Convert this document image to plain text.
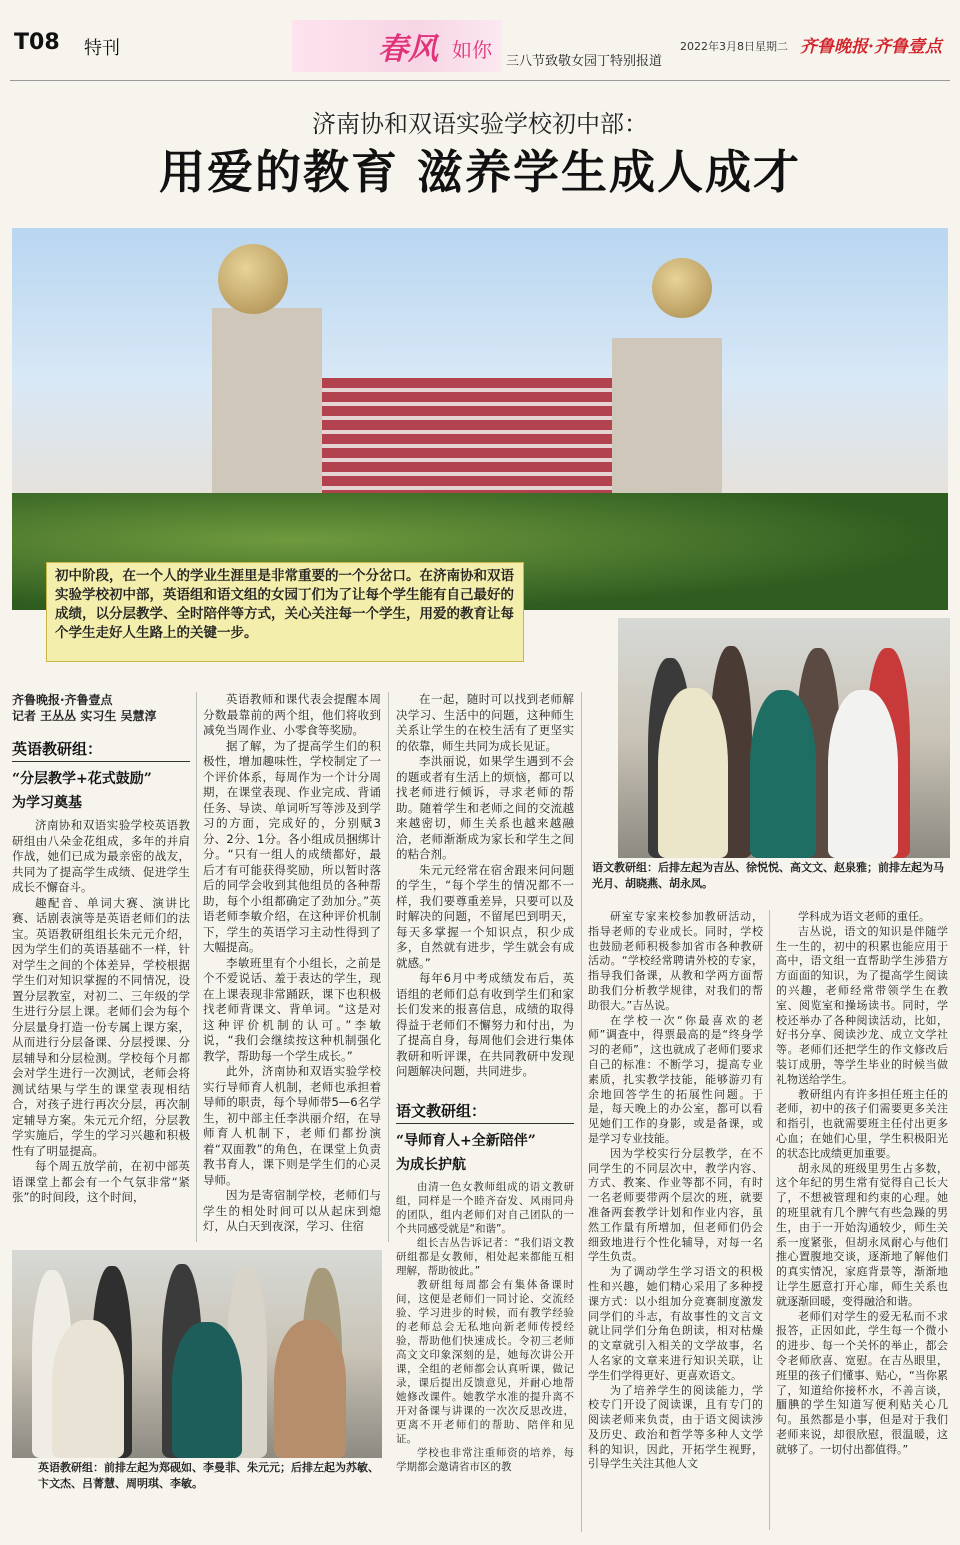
T08 特刊	春风 如你 三八节致敬女园丁特别报道
2022年3月8日 星期二 齐鲁晚报·齐鲁壹点
济南协和双语实验学校初中部：
用爱的教育 滋养学生成人成才
初中阶段，在一个人的学业生涯里是非常重要的一个分岔口。在济南协和双语实验学校初中部，英语组和语文组的女园丁们为了让每个学生能有自己最好的成绩，以分层教学、全时陪伴等方式，关心关注每一个学生，用爱的教育让每个学生走好人生路上的关键一步。
语文教研组：后排左起为吉丛、徐悦悦、高文文、赵泉雅；前排左起为马光月、胡晓燕、胡永凤。
齐鲁晚报·齐鲁壹点
记者 王丛丛 实习生 吴慧淳
英语教研组：
“分层教学+花式鼓励”
为学习奠基

济南协和双语实验学校英语教研组由八朵金花组成，多年的并肩作战，她们已成为最亲密的战友，共同为了提高学生成绩、促进学生成长不懈奋斗。

趣配音、单词大赛、演讲比赛、话剧表演等是英语老师们的法宝。英语教研组组长朱元元介绍，因为学生们的英语基础不一样，针对学生之间的个体差异，学校根据学生们对知识掌握的不同情况，设置分层教室，对初二、三年级的学生进行分层上课。老师们会为每个分层量身打造一份专属上课方案，从而进行分层备课、分层授课、分层辅导和分层检测。学校每个月都会对学生进行一次测试，老师会将测试结果与学生的课堂表现相结合，对孩子进行再次分层，再次制定辅导方案。朱元元介绍，分层教学实施后，学生的学习兴趣和积极性有了明显提高。

每个周五放学前，在初中部英语课堂上都会有一个气氛非常“紧张”的时间段，这个时间，

英语教师和课代表会提醒本周分数最靠前的两个组，他们将收到减免当周作业、小零食等奖励。

据了解，为了提高学生们的积极性，增加趣味性，学校制定了一个评价体系，每周作为一个计分周期，在课堂表现、作业完成、背诵任务、导读、单词听写等涉及到学习的方面，完成好的，分别赋3分、2分、1分。各小组成员捆绑计分。“只有一组人的成绩都好，最后才有可能获得奖励，所以暂时落后的同学会收到其他组员的各种帮助，每个小组都确定了劲加分。”英语老师李敏介绍，在这种评价机制下，学生的英语学习主动性得到了大幅提高。

李敏班里有个小组长，之前是个不爱说话、羞于表达的学生，现在上课表现非常踊跃，课下也积极找老师背课文、背单词。“这是对这种评价机制的认可。”李敏说，“我们会继续按这种机制强化教学，帮助每一个学生成长。”

此外，济南协和双语实验学校实行导师育人机制，老师也承担着导师的职责，每个导师带5—6名学生，初中部主任李洪丽介绍，在导师育人机制下，老师们都扮演着“双面教”的角色，在课堂上负责教书育人，课下则是学生们的心灵导师。

因为是寄宿制学校，老师们与学生的相处时间可以从起床到熄灯，从白天到夜深，学习、住宿

英语教研组：前排左起为郑砚如、李曼菲、朱元元；后排左起为苏敏、卞文杰、吕菁慧、周明琪、李敏。

在一起，随时可以找到老师解决学习、生活中的问题，这种师生关系让学生的在校生活有了更坚实的依靠，师生共同为成长见证。

李洪丽说，如果学生遇到不会的题或者有生活上的烦恼，都可以找老师进行倾诉，寻求老师的帮助。随着学生和老师之间的交流越来越密切，师生关系也越来越融洽，老师渐渐成为家长和学生之间的粘合剂。

朱元元经常在宿舍跟来问问题的学生，“每个学生的情况都不一样，我们要尊重差异，只要可以及时解决的问题，不留尾巴到明天，每天多掌握一个知识点，积少成多，自然就有进步，学生就会有成就感。”

每年6月中考成绩发布后，英语组的老师们总有收到学生们和家长们发来的报喜信息，成绩的取得得益于老师们不懈努力和付出，为了提高自身，每周他们会进行集体教研和听评课，在共同教研中发现问题解决问题，共同进步。

语文教研组：
“导师育人+全新陪伴”
为成长护航

由清一色女教师组成的语文教研组，同样是一个睦齐奋发、风雨同舟的团队，组内老师们对自己团队的一个共同感受就是“和谐”。

组长吉丛告诉记者：“我们语文教研组都是女教师，相处起来都能互相理解，帮助彼此。”

教研组每周都会有集体备课时间，这便是老师们一同讨论、交流经验、学习进步的时候，而有教学经验的老师总会无私地向新老师传授经验，帮助他们快速成长。令初三老师高文文印象深刻的是，她每次讲公开课，全组的老师都会认真听课，做记录，课后提出反馈意见，并耐心地帮她修改课件。她教学水准的提升离不开对备课与讲课的一次次反思改进，更离不开老师们的帮助、陪伴和见证。

学校也非常注重师资的培养，每学期都会邀请省市区的教

研室专家来校参加教研活动，指导老师的专业成长。同时，学校也鼓励老师积极参加省市各种教研活动。“学校经常聘请外校的专家，指导我们备课，从教和学两方面帮助我们分析教学规律，对我们的帮助很大。”吉丛说。

在学校一次“你最喜欢的老师”调查中，得票最高的是“终身学习的老师”，这也就成了老师们要求自己的标准：不断学习，提高专业素质，扎实教学技能，能够游刃有余地回答学生的拓展性问题。于是，每天晚上的办公室，都可以看见她们工作的身影，或是备课，或是学习专业技能。

因为学校实行分层教学，在不同学生的不同层次中，教学内容、方式、教案、作业等都不同，有时一名老师要带两个层次的班，就要准备两套教学计划和作业内容，虽然工作量有所增加，但老师们仍会细致地进行个性化辅导，对每一名学生负责。

为了调动学生学习语文的积极性和兴趣，她们精心采用了多种授课方式：以小组加分竞赛制度激发同学们的斗志，有故事性的文言文就让同学们分角色朗读，相对枯燥的文章就引入相关的文学故事，名人名家的文章来进行知识关联，让学生们学得更好、更喜欢语文。

为了培养学生的阅读能力，学校专门开设了阅读课，且有专门的阅读老师来负责，由于语文阅读涉及历史、政治和哲学等多种人文学科的知识，因此，开拓学生视野，引导学生关注其他人文

学科成为语文老师的重任。

吉丛说，语文的知识是伴随学生一生的，初中的积累也能应用于高中，语文组一直帮助学生涉猎方方面面的知识，为了提高学生阅读的兴趣，老师经常带领学生在教室、阅览室和操场读书。同时，学校还举办了各种阅读活动，比如，好书分享、阅读沙龙、成立文学社等。老师们还把学生的作文修改后装订成册，等学生毕业的时候当做礼物送给学生。

教研组内有许多担任班主任的老师，初中的孩子们需要更多关注和指引，也就需要班主任付出更多心血；在她们心里，学生积极阳光的状态比成绩更加重要。

胡永凤的班级里男生占多数，这个年纪的男生常有觉得自己长大了，不想被管理和约束的心理。她的班里就有几个脾气有些急躁的男生，由于一开始沟通较少，师生关系一度紧张，但胡永凤耐心与他们推心置腹地交谈，逐渐地了解他们的真实情况，家庭背景等，渐渐地让学生愿意打开心扉，师生关系也就逐渐回暖，变得融洽和谐。

老师们对学生的爱无私而不求报答，正因如此，学生每一个微小的进步、每一个关怀的举止，都会令老师欣喜、宽慰。在吉丛眼里，班里的孩子们懂事、贴心，“当你累了，知道给你接杯水，不善言谈，腼腆的学生知道写便利贴关心几句。虽然都是小事，但是对于我们老师来说，却很欣慰，很温暖，这就够了。一切付出都值得。”
